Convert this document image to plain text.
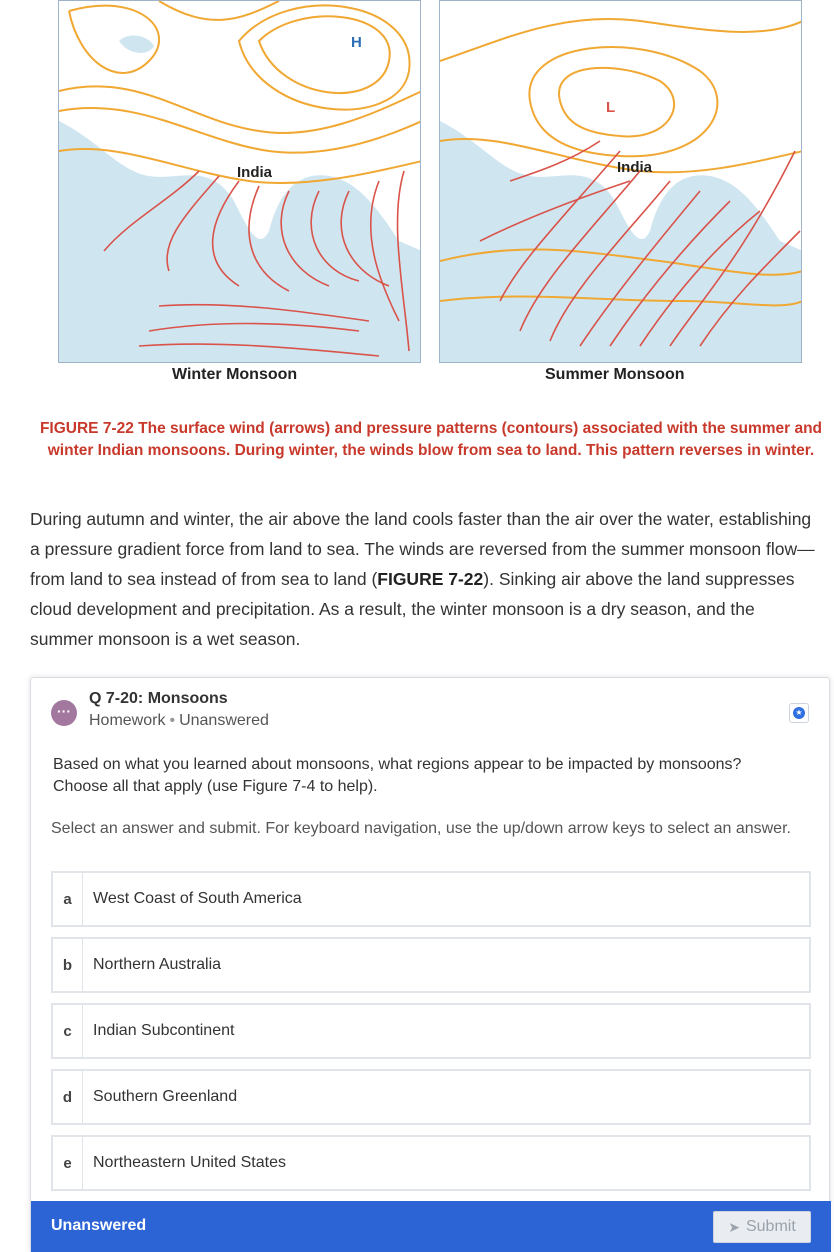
H
India
L
India
Winter Monsoon	Summer Monsoon
FIGURE 7-22 The surface wind (arrows) and pressure patterns (contours) associated with the summer and winter Indian monsoons. During winter, the winds blow from sea to land. This pattern reverses in winter.

During autumn and winter, the air above the land cools faster than the air over the water, establishing a pressure gradient force from land to sea. The winds are reversed from the summer monsoon flow—from land to sea instead of from sea to land (FIGURE 7-22). Sinking air above the land suppresses cloud development and precipitation. As a result, the winter monsoon is a dry season, and the summer monsoon is a wet season.

···
Q 7-20: Monsoons
Homework • Unanswered	★
Based on what you learned about monsoons, what regions appear to be impacted by monsoons? Choose all that apply (use Figure 7-4 to help).
Select an answer and submit. For keyboard navigation, use the up/down arrow keys to select an answer.
a	West Coast of South America
b	Northern Australia
c	Indian Subcontinent
d	Southern Greenland
e	Northeastern United States
Unanswered	➤ Submit
